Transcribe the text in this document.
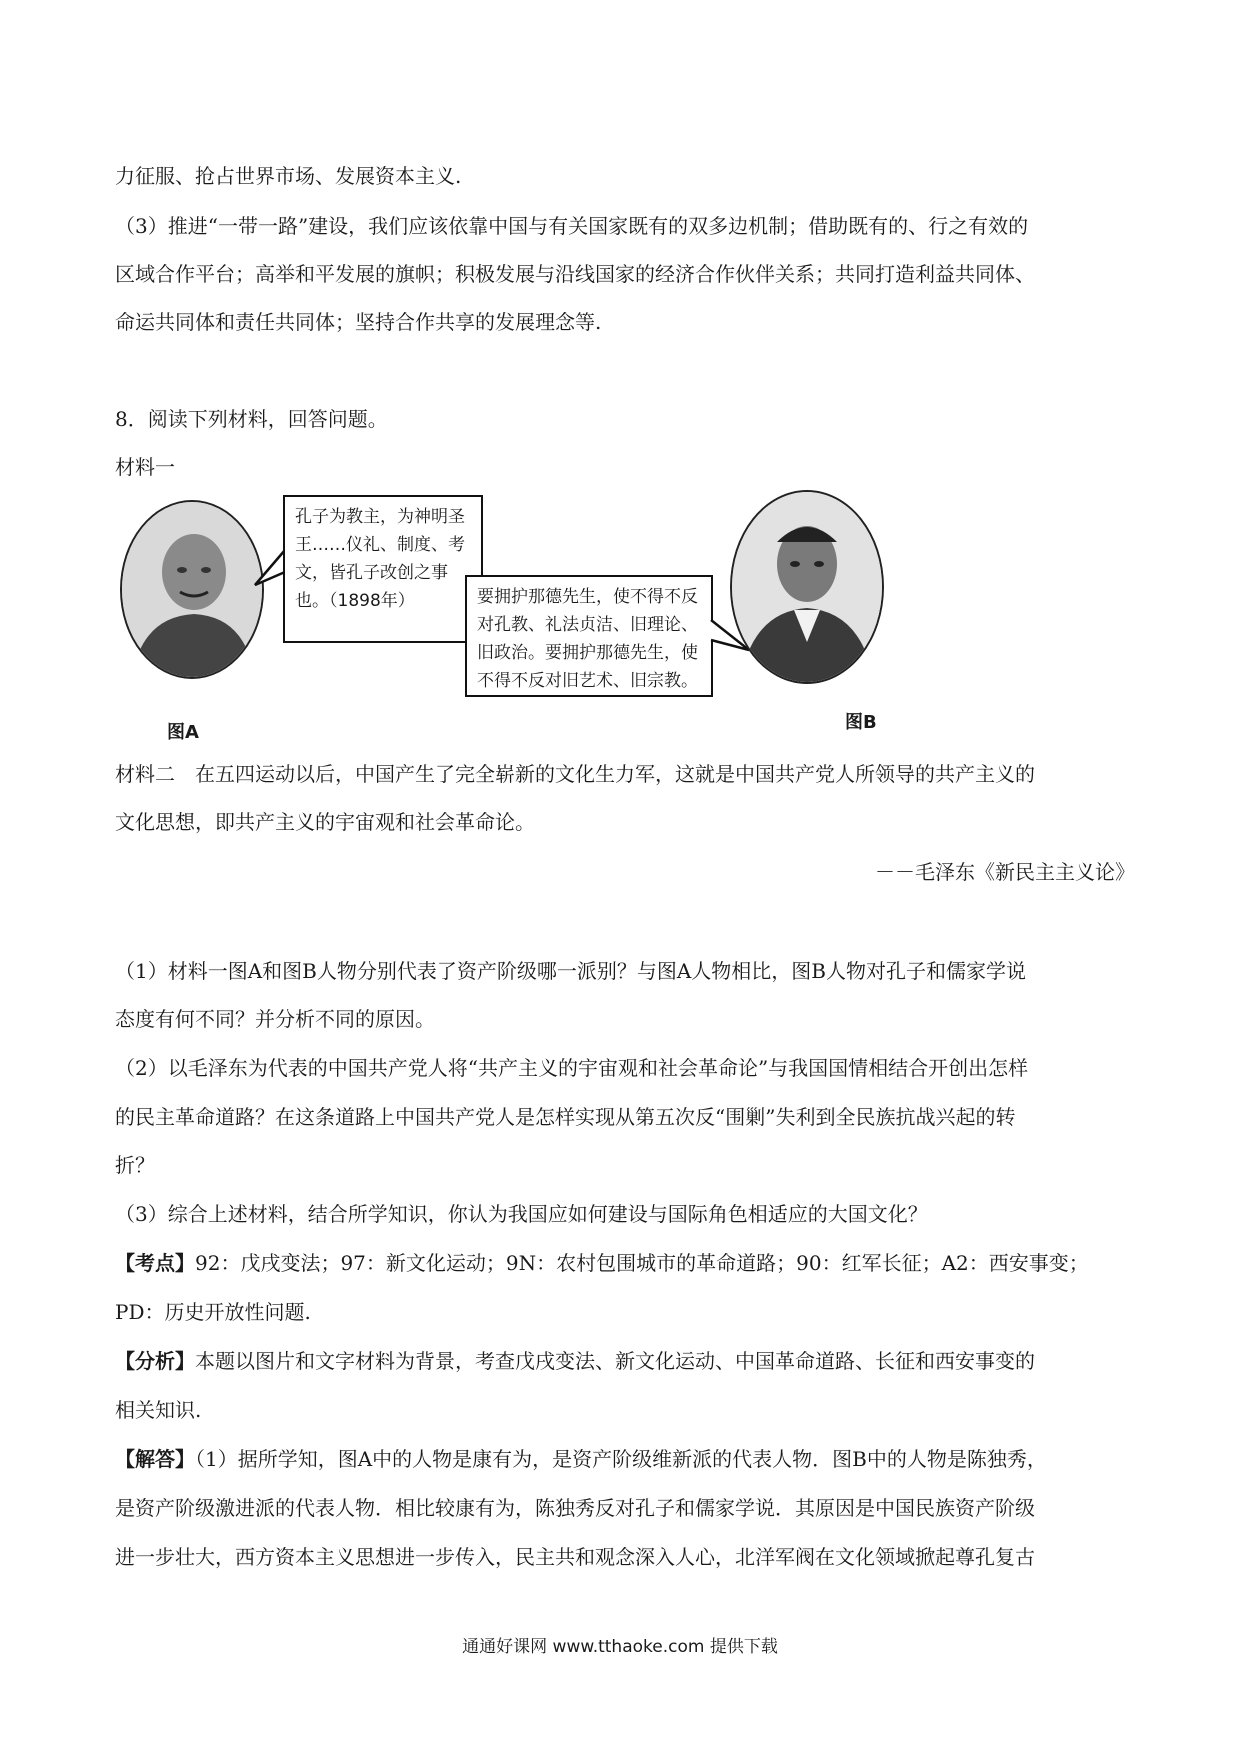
力征服、抢占世界市场、发展资本主义.
（3）推进“一带一路”建设，我们应该依靠中国与有关国家既有的双多边机制；借助既有的、行之有效的
区域合作平台；高举和平发展的旗帜；积极发展与沿线国家的经济合作伙伴关系；共同打造利益共同体、
命运共同体和责任共同体；坚持合作共享的发展理念等.
8．阅读下列材料，回答问题。
材料一
孔子为教主，为神明圣王……仪礼、制度、考文，皆孔子改创之事也。（1898年）	要拥护那德先生，使不得不反对孔教、礼法贞洁、旧理论、旧政治。要拥护那德先生，使不得不反对旧艺术、旧宗教。
图A	图B
材料二　在五四运动以后，中国产生了完全崭新的文化生力军，这就是中国共产党人所领导的共产主义的
文化思想，即共产主义的宇宙观和社会革命论。
－－毛泽东《新民主主义论》
（1）材料一图A和图B人物分别代表了资产阶级哪一派别？与图A人物相比，图B人物对孔子和儒家学说
态度有何不同？并分析不同的原因。
（2）以毛泽东为代表的中国共产党人将“共产主义的宇宙观和社会革命论”与我国国情相结合开创出怎样
的民主革命道路？在这条道路上中国共产党人是怎样实现从第五次反“围剿”失利到全民族抗战兴起的转
折？
（3）综合上述材料，结合所学知识，你认为我国应如何建设与国际角色相适应的大国文化？
【考点】92：戊戌变法；97：新文化运动；9N：农村包围城市的革命道路；90：红军长征；A2：西安事变；
PD：历史开放性问题.
【分析】本题以图片和文字材料为背景，考查戊戌变法、新文化运动、中国革命道路、长征和西安事变的
相关知识.
【解答】（1）据所学知，图A中的人物是康有为，是资产阶级维新派的代表人物．图B中的人物是陈独秀，
是资产阶级激进派的代表人物．相比较康有为，陈独秀反对孔子和儒家学说．其原因是中国民族资产阶级
进一步壮大，西方资本主义思想进一步传入，民主共和观念深入人心，北洋军阀在文化领域掀起尊孔复古
通通好课网 www.tthaoke.com 提供下载
